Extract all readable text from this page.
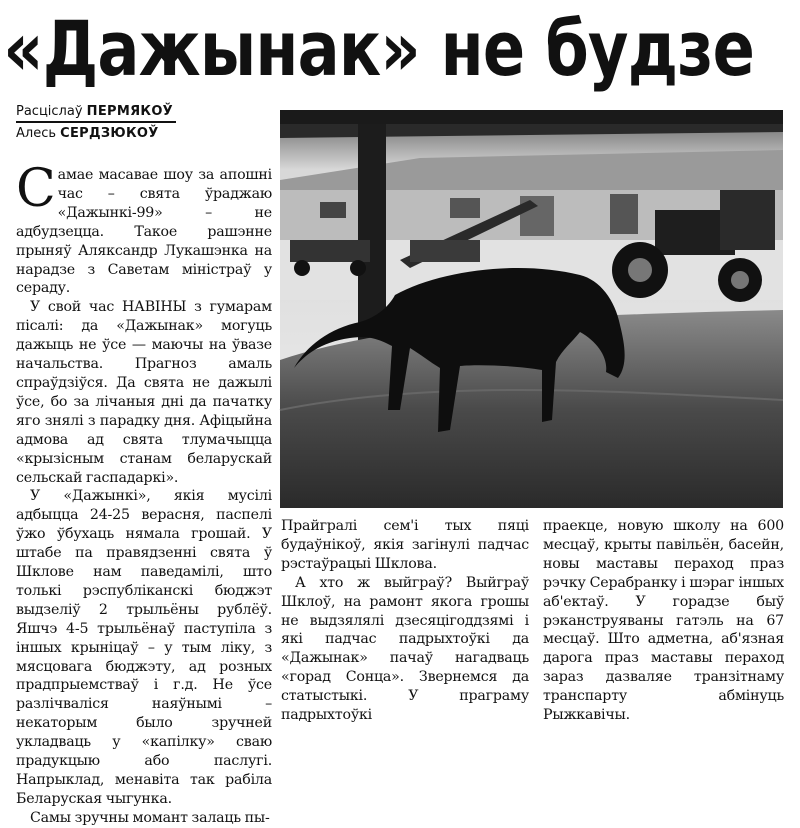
«Дажынак» не будзе
Расціслаў ПЕРМЯКОЎ
Алесь СЕРДЗЮКОЎ

Самае масавае шоу за апошні час – свята ўраджаю «Дажынкі-99» – не адбудзецца. Такое рашэнне прыняў Аляксандр Лукашэнка на нарадзе з Саветам міністраў у сераду.

У свой час НАВІНЫ з гумарам пісалі: да «Дажынак» могуць дажыць не ўсе — маючы на ўвазе начальства. Прагноз амаль спраўдзіўся. Да свята не дажылі ўсе, бо за лічаныя дні да пачатку яго знялі з парадку дня. Афіцыйна адмова ад свята тлумачыцца «крызісным станам беларускай сельскай гаспадаркі».

У «Дажынкі», якія мусілі адбыцца 24-25 верасня, паспелі ўжо ўбухаць нямала грошай. У штабе па правядзенні свята ў Шклове нам паведамілі, што толькі рэспубліканскі бюджэт выдзеліў 2 трыльёны рублёў. Яшчэ 4-5 трыльёнаў паступіла з іншых крыніцаў – у тым ліку, з мясцовага бюджэту, ад розных прадпрыемстваў і г.д. Не ўсе разлічваліся наяўнымі – некаторым было зручней укладваць у «капілку» сваю прадукцыю або паслугі. Напрыклад, менавіта так рабіла Беларуская чыгунка.

Самы зручны момант залаць пы-

Прайгралі сем'і тых пяці будаўнікоў, якія загінулі падчас рэстаўрацыі Шклова.

А хто ж выйграў? Выйграў Шклоў, на рамонт якога грошы не выдзялялі дзесяцігоддзямі і які падчас падрыхтоўкі да «Дажынак» пачаў нагадваць «горад Сонца». Звернемся да статыстыкі. У праграму падрыхтоўкі

праекце, новую школу на 600 месцаў, крыты павільён, басейн, новы маставы пераход праз рэчку Серабранку і шэраг іншых аб'ектаў. У горадзе быў рэканструяваны гатэль на 67 месцаў. Што адметна, аб'язная дарога праз маставы пераход зараз дазваляе транзітнаму транспарту абмінуць Рыжкавічы.
